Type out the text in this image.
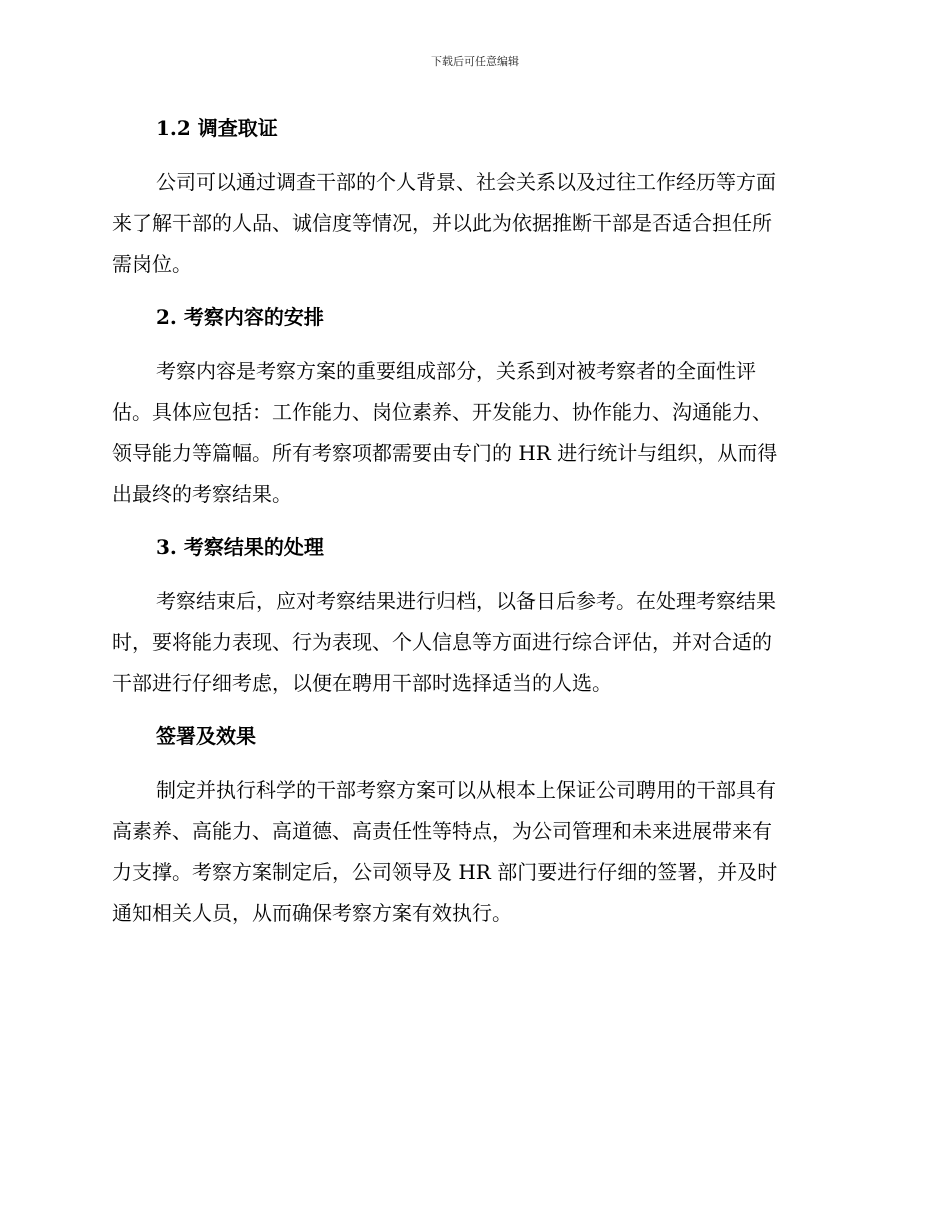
下载后可任意编辑
1.2 调查取证

公司可以通过调查干部的个人背景、社会关系以及过往工作经历等方面
来了解干部的人品、诚信度等情况，并以此为依据推断干部是否适合担任所
需岗位。

2. 考察内容的安排

考察内容是考察方案的重要组成部分，关系到对被考察者的全面性评
估。具体应包括：工作能力、岗位素养、开发能力、协作能力、沟通能力、
领导能力等篇幅。所有考察项都需要由专门的 HR 进行统计与组织，从而得
出最终的考察结果。

3. 考察结果的处理

考察结束后，应对考察结果进行归档，以备日后参考。在处理考察结果
时，要将能力表现、行为表现、个人信息等方面进行综合评估，并对合适的
干部进行仔细考虑，以便在聘用干部时选择适当的人选。

签署及效果

制定并执行科学的干部考察方案可以从根本上保证公司聘用的干部具有
高素养、高能力、高道德、高责任性等特点，为公司管理和未来进展带来有
力支撑。考察方案制定后，公司领导及 HR 部门要进行仔细的签署，并及时
通知相关人员，从而确保考察方案有效执行。
